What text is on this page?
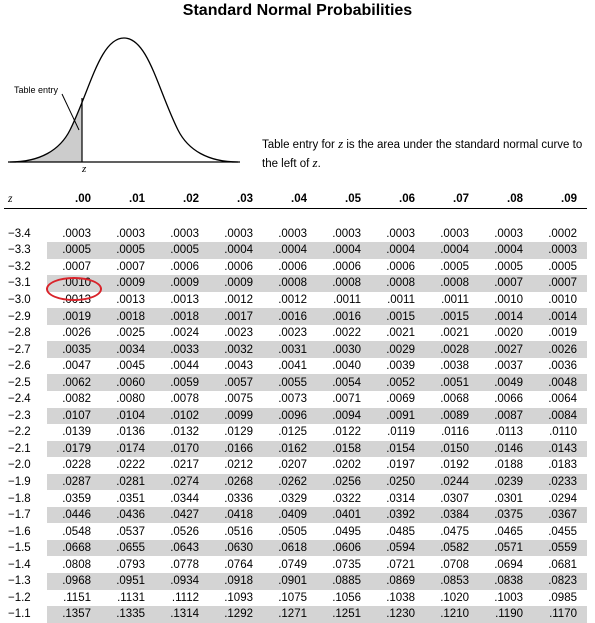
Standard Normal Probabilities
Table entry
z
Table entry for z is the area under the standard normal curve to the left of z.
z	.00	.01	.02	.03	.04	.05	.06	.07	.08	.09

−3.4	.0003	.0003	.0003	.0003	.0003	.0003	.0003	.0003	.0003	.0002
−3.3	.0005	.0005	.0005	.0004	.0004	.0004	.0004	.0004	.0004	.0003
−3.2	.0007	.0007	.0006	.0006	.0006	.0006	.0006	.0005	.0005	.0005
−3.1	.0010	.0009	.0009	.0009	.0008	.0008	.0008	.0008	.0007	.0007
−3.0	.0013	.0013	.0013	.0012	.0012	.0011	.0011	.0011	.0010	.0010
−2.9	.0019	.0018	.0018	.0017	.0016	.0016	.0015	.0015	.0014	.0014
−2.8	.0026	.0025	.0024	.0023	.0023	.0022	.0021	.0021	.0020	.0019
−2.7	.0035	.0034	.0033	.0032	.0031	.0030	.0029	.0028	.0027	.0026
−2.6	.0047	.0045	.0044	.0043	.0041	.0040	.0039	.0038	.0037	.0036
−2.5	.0062	.0060	.0059	.0057	.0055	.0054	.0052	.0051	.0049	.0048
−2.4	.0082	.0080	.0078	.0075	.0073	.0071	.0069	.0068	.0066	.0064
−2.3	.0107	.0104	.0102	.0099	.0096	.0094	.0091	.0089	.0087	.0084
−2.2	.0139	.0136	.0132	.0129	.0125	.0122	.0119	.0116	.0113	.0110
−2.1	.0179	.0174	.0170	.0166	.0162	.0158	.0154	.0150	.0146	.0143
−2.0	.0228	.0222	.0217	.0212	.0207	.0202	.0197	.0192	.0188	.0183
−1.9	.0287	.0281	.0274	.0268	.0262	.0256	.0250	.0244	.0239	.0233
−1.8	.0359	.0351	.0344	.0336	.0329	.0322	.0314	.0307	.0301	.0294
−1.7	.0446	.0436	.0427	.0418	.0409	.0401	.0392	.0384	.0375	.0367
−1.6	.0548	.0537	.0526	.0516	.0505	.0495	.0485	.0475	.0465	.0455
−1.5	.0668	.0655	.0643	.0630	.0618	.0606	.0594	.0582	.0571	.0559
−1.4	.0808	.0793	.0778	.0764	.0749	.0735	.0721	.0708	.0694	.0681
−1.3	.0968	.0951	.0934	.0918	.0901	.0885	.0869	.0853	.0838	.0823
−1.2	.1151	.1131	.1112	.1093	.1075	.1056	.1038	.1020	.1003	.0985
−1.1	.1357	.1335	.1314	.1292	.1271	.1251	.1230	.1210	.1190	.1170
